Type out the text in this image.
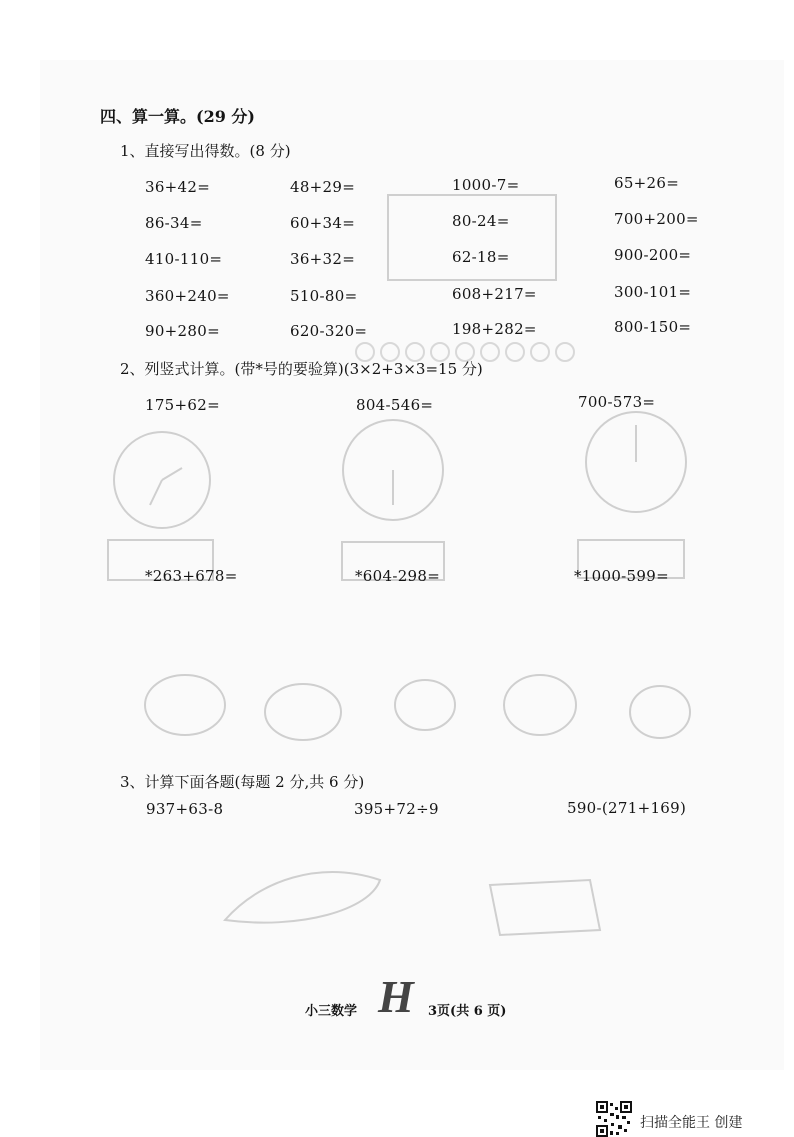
四、算一算。(29 分)
1、直接写出得数。(8 分)
36+42=	48+29=	1000-7=	65+26=
86-34=	60+34=	80-24=	700+200=
410-110=	36+32=	62-18=	900-200=
360+240=	510-80=	608+217=	300-101=
90+280=	620-320=	198+282=	800-150=
2、列竖式计算。(带*号的要验算)(3×2+3×3=15 分)
175+62=	804-546=	700-573=
*263+678=	*604-298=	*1000-599=
3、计算下面各题(每题 2 分,共 6 分)
937+63-8	395+72÷9	590-(271+169)
小三数学 H 3页(共 6 页)
扫描全能王 创建
